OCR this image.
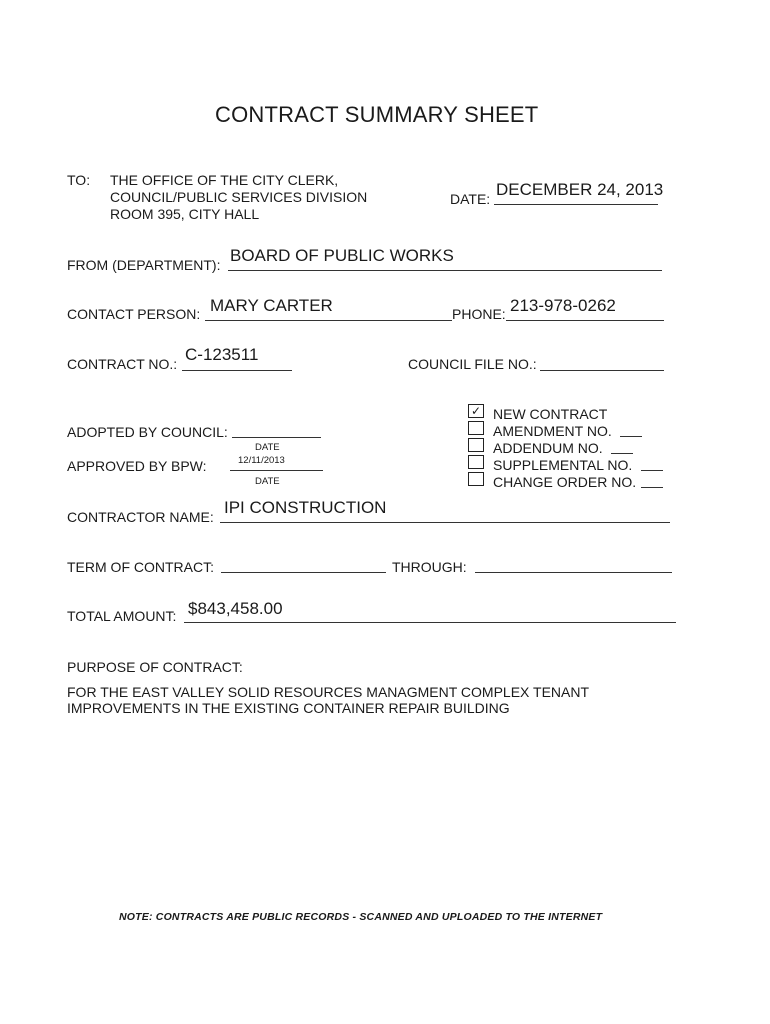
CONTRACT SUMMARY SHEET
TO: THE OFFICE OF THE CITY CLERK,
COUNCIL/PUBLIC SERVICES DIVISION
ROOM 395, CITY HALL
DATE: DECEMBER 24, 2013
FROM (DEPARTMENT): BOARD OF PUBLIC WORKS
CONTACT PERSON: MARY CARTER	PHONE: 213-978-0262
CONTRACT NO.: C-123511	COUNCIL FILE NO.:
ADOPTED BY COUNCIL:
DATE
APPROVED BY BPW:	12/11/2013
DATE
✓ NEW CONTRACT
AMENDMENT NO.
ADDENDUM NO.
SUPPLEMENTAL NO.
CHANGE ORDER NO.
CONTRACTOR NAME: IPI CONSTRUCTION
TERM OF CONTRACT:	THROUGH:
TOTAL AMOUNT: $843,458.00
PURPOSE OF CONTRACT:
FOR THE EAST VALLEY SOLID RESOURCES MANAGMENT COMPLEX TENANT
IMPROVEMENTS IN THE EXISTING CONTAINER REPAIR BUILDING
NOTE: CONTRACTS ARE PUBLIC RECORDS - SCANNED AND UPLOADED TO THE INTERNET
